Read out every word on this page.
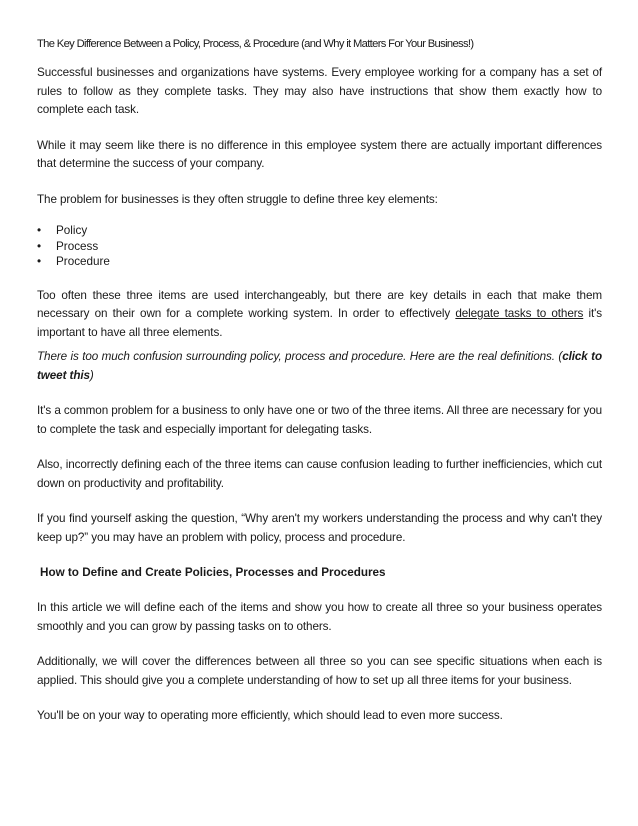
The Key Difference Between a Policy, Process, & Procedure (and Why it Matters For Your Business!)

Successful businesses and organizations have systems. Every employee working for a company has a set of rules to follow as they complete tasks. They may also have instructions that show them exactly how to complete each task.

While it may seem like there is no difference in this employee system there are actually important differences that determine the success of your company.

The problem for businesses is they often struggle to define three key elements:

• Policy
• Process
• Procedure

Too often these three items are used interchangeably, but there are key details in each that make them necessary on their own for a complete working system. In order to effectively delegate tasks to others it's important to have all three elements.

There is too much confusion surrounding policy, process and procedure. Here are the real definitions. (click to tweet this)

It's a common problem for a business to only have one or two of the three items. All three are necessary for you to complete the task and especially important for delegating tasks.

Also, incorrectly defining each of the three items can cause confusion leading to further inefficiencies, which cut down on productivity and profitability.

If you find yourself asking the question, “Why aren't my workers understanding the process and why can't they keep up?” you may have an problem with policy, process and procedure.

How to Define and Create Policies, Processes and Procedures

In this article we will define each of the items and show you how to create all three so your business operates smoothly and you can grow by passing tasks on to others.

Additionally, we will cover the differences between all three so you can see specific situations when each is applied. This should give you a complete understanding of how to set up all three items for your business.

You'll be on your way to operating more efficiently, which should lead to even more success.
